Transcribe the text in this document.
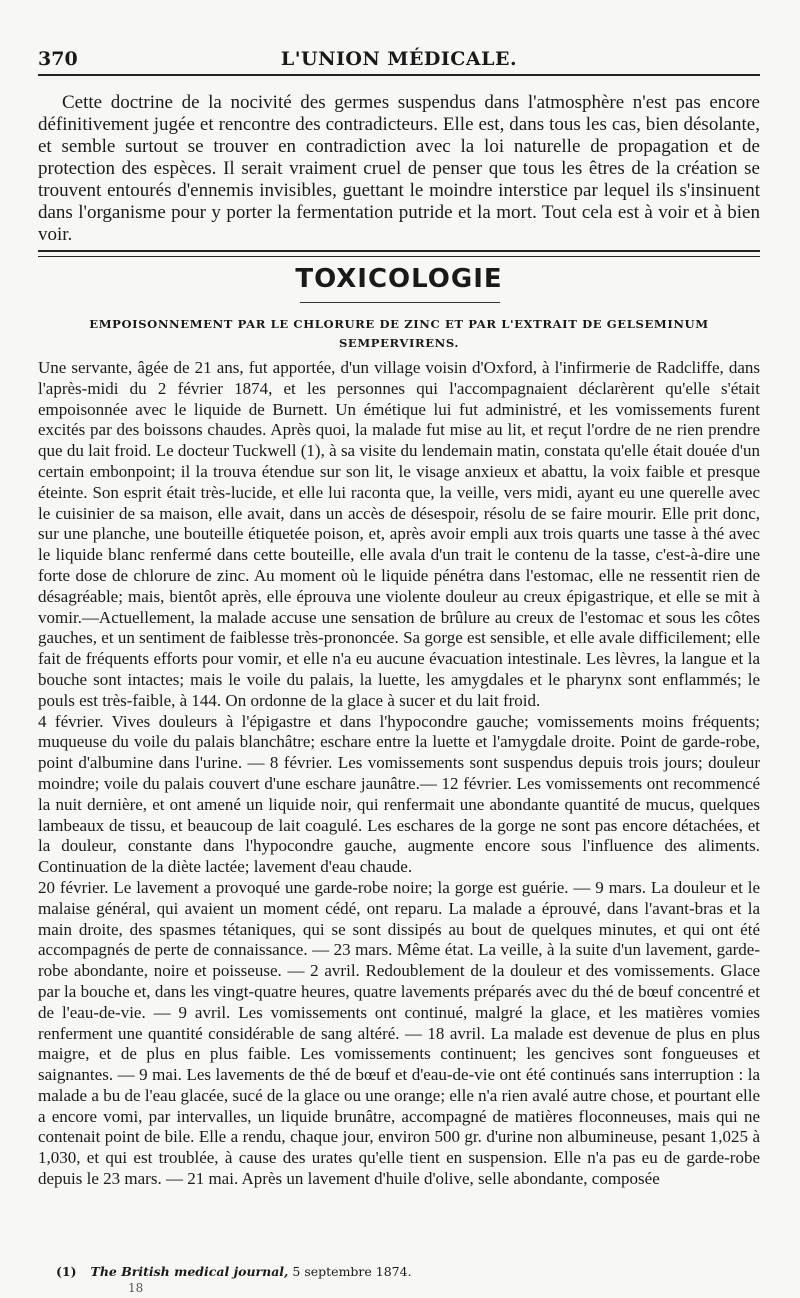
370	L'UNION MÉDICALE.

Cette doctrine de la nocivité des germes suspendus dans l'atmosphère n'est pas encore définitivement jugée et rencontre des contradicteurs. Elle est, dans tous les cas, bien désolante, et semble surtout se trouver en contradiction avec la loi naturelle de propagation et de protection des espèces. Il serait vraiment cruel de penser que tous les êtres de la création se trouvent entourés d'ennemis invisibles, guettant le moindre interstice par lequel ils s'insinuent dans l'organisme pour y porter la fermentation putride et la mort. Tout cela est à voir et à bien voir.

TOXICOLOGIE
EMPOISONNEMENT PAR LE CHLORURE DE ZINC ET PAR L'EXTRAIT DE GELSEMINUM SEMPERVIRENS.

Une servante, âgée de 21 ans, fut apportée, d'un village voisin d'Oxford, à l'infirmerie de Radcliffe, dans l'après-midi du 2 février 1874, et les personnes qui l'accompagnaient déclarèrent qu'elle s'était empoisonnée avec le liquide de Burnett. Un émétique lui fut administré, et les vomissements furent excités par des boissons chaudes. Après quoi, la malade fut mise au lit, et reçut l'ordre de ne rien prendre que du lait froid. Le docteur Tuckwell (1), à sa visite du lendemain matin, constata qu'elle était douée d'un certain embonpoint; il la trouva étendue sur son lit, le visage anxieux et abattu, la voix faible et presque éteinte. Son esprit était très-lucide, et elle lui raconta que, la veille, vers midi, ayant eu une querelle avec le cuisinier de sa maison, elle avait, dans un accès de désespoir, résolu de se faire mourir. Elle prit donc, sur une planche, une bouteille étiquetée poison, et, après avoir empli aux trois quarts une tasse à thé avec le liquide blanc renfermé dans cette bouteille, elle avala d'un trait le contenu de la tasse, c'est-à-dire une forte dose de chlorure de zinc. Au moment où le liquide pénétra dans l'estomac, elle ne ressentit rien de désagréable; mais, bientôt après, elle éprouva une violente douleur au creux épigastrique, et elle se mit à vomir.—Actuellement, la malade accuse une sensation de brûlure au creux de l'estomac et sous les côtes gauches, et un sentiment de faiblesse très-prononcée. Sa gorge est sensible, et elle avale difficilement; elle fait de fréquents efforts pour vomir, et elle n'a eu aucune évacuation intestinale. Les lèvres, la langue et la bouche sont intactes; mais le voile du palais, la luette, les amygdales et le pharynx sont enflammés; le pouls est très-faible, à 144. On ordonne de la glace à sucer et du lait froid.

4 février. Vives douleurs à l'épigastre et dans l'hypocondre gauche; vomissements moins fréquents; muqueuse du voile du palais blanchâtre; eschare entre la luette et l'amygdale droite. Point de garde-robe, point d'albumine dans l'urine. — 8 février. Les vomissements sont suspendus depuis trois jours; douleur moindre; voile du palais couvert d'une eschare jaunâtre.— 12 février. Les vomissements ont recommencé la nuit dernière, et ont amené un liquide noir, qui renfermait une abondante quantité de mucus, quelques lambeaux de tissu, et beaucoup de lait coagulé. Les eschares de la gorge ne sont pas encore détachées, et la douleur, constante dans l'hypocondre gauche, augmente encore sous l'influence des aliments. Continuation de la diète lactée; lavement d'eau chaude.

20 février. Le lavement a provoqué une garde-robe noire; la gorge est guérie. — 9 mars. La douleur et le malaise général, qui avaient un moment cédé, ont reparu. La malade a éprouvé, dans l'avant-bras et la main droite, des spasmes tétaniques, qui se sont dissipés au bout de quelques minutes, et qui ont été accompagnés de perte de connaissance. — 23 mars. Même état. La veille, à la suite d'un lavement, garde-robe abondante, noire et poisseuse. — 2 avril. Redoublement de la douleur et des vomissements. Glace par la bouche et, dans les vingt-quatre heures, quatre lavements préparés avec du thé de bœuf concentré et de l'eau-de-vie. — 9 avril. Les vomissements ont continué, malgré la glace, et les matières vomies renferment une quantité considérable de sang altéré. — 18 avril. La malade est devenue de plus en plus maigre, et de plus en plus faible. Les vomissements continuent; les gencives sont fongueuses et saignantes. — 9 mai. Les lavements de thé de bœuf et d'eau-de-vie ont été continués sans interruption : la malade a bu de l'eau glacée, sucé de la glace ou une orange; elle n'a rien avalé autre chose, et pourtant elle a encore vomi, par intervalles, un liquide brunâtre, accompagné de matières floconneuses, mais qui ne contenait point de bile. Elle a rendu, chaque jour, environ 500 gr. d'urine non albumineuse, pesant 1,025 à 1,030, et qui est troublée, à cause des urates qu'elle tient en suspension. Elle n'a pas eu de garde-robe depuis le 23 mars. — 21 mai. Après un lavement d'huile d'olive, selle abondante, composée

(1) The British medical journal, 5 septembre 1874.
18
